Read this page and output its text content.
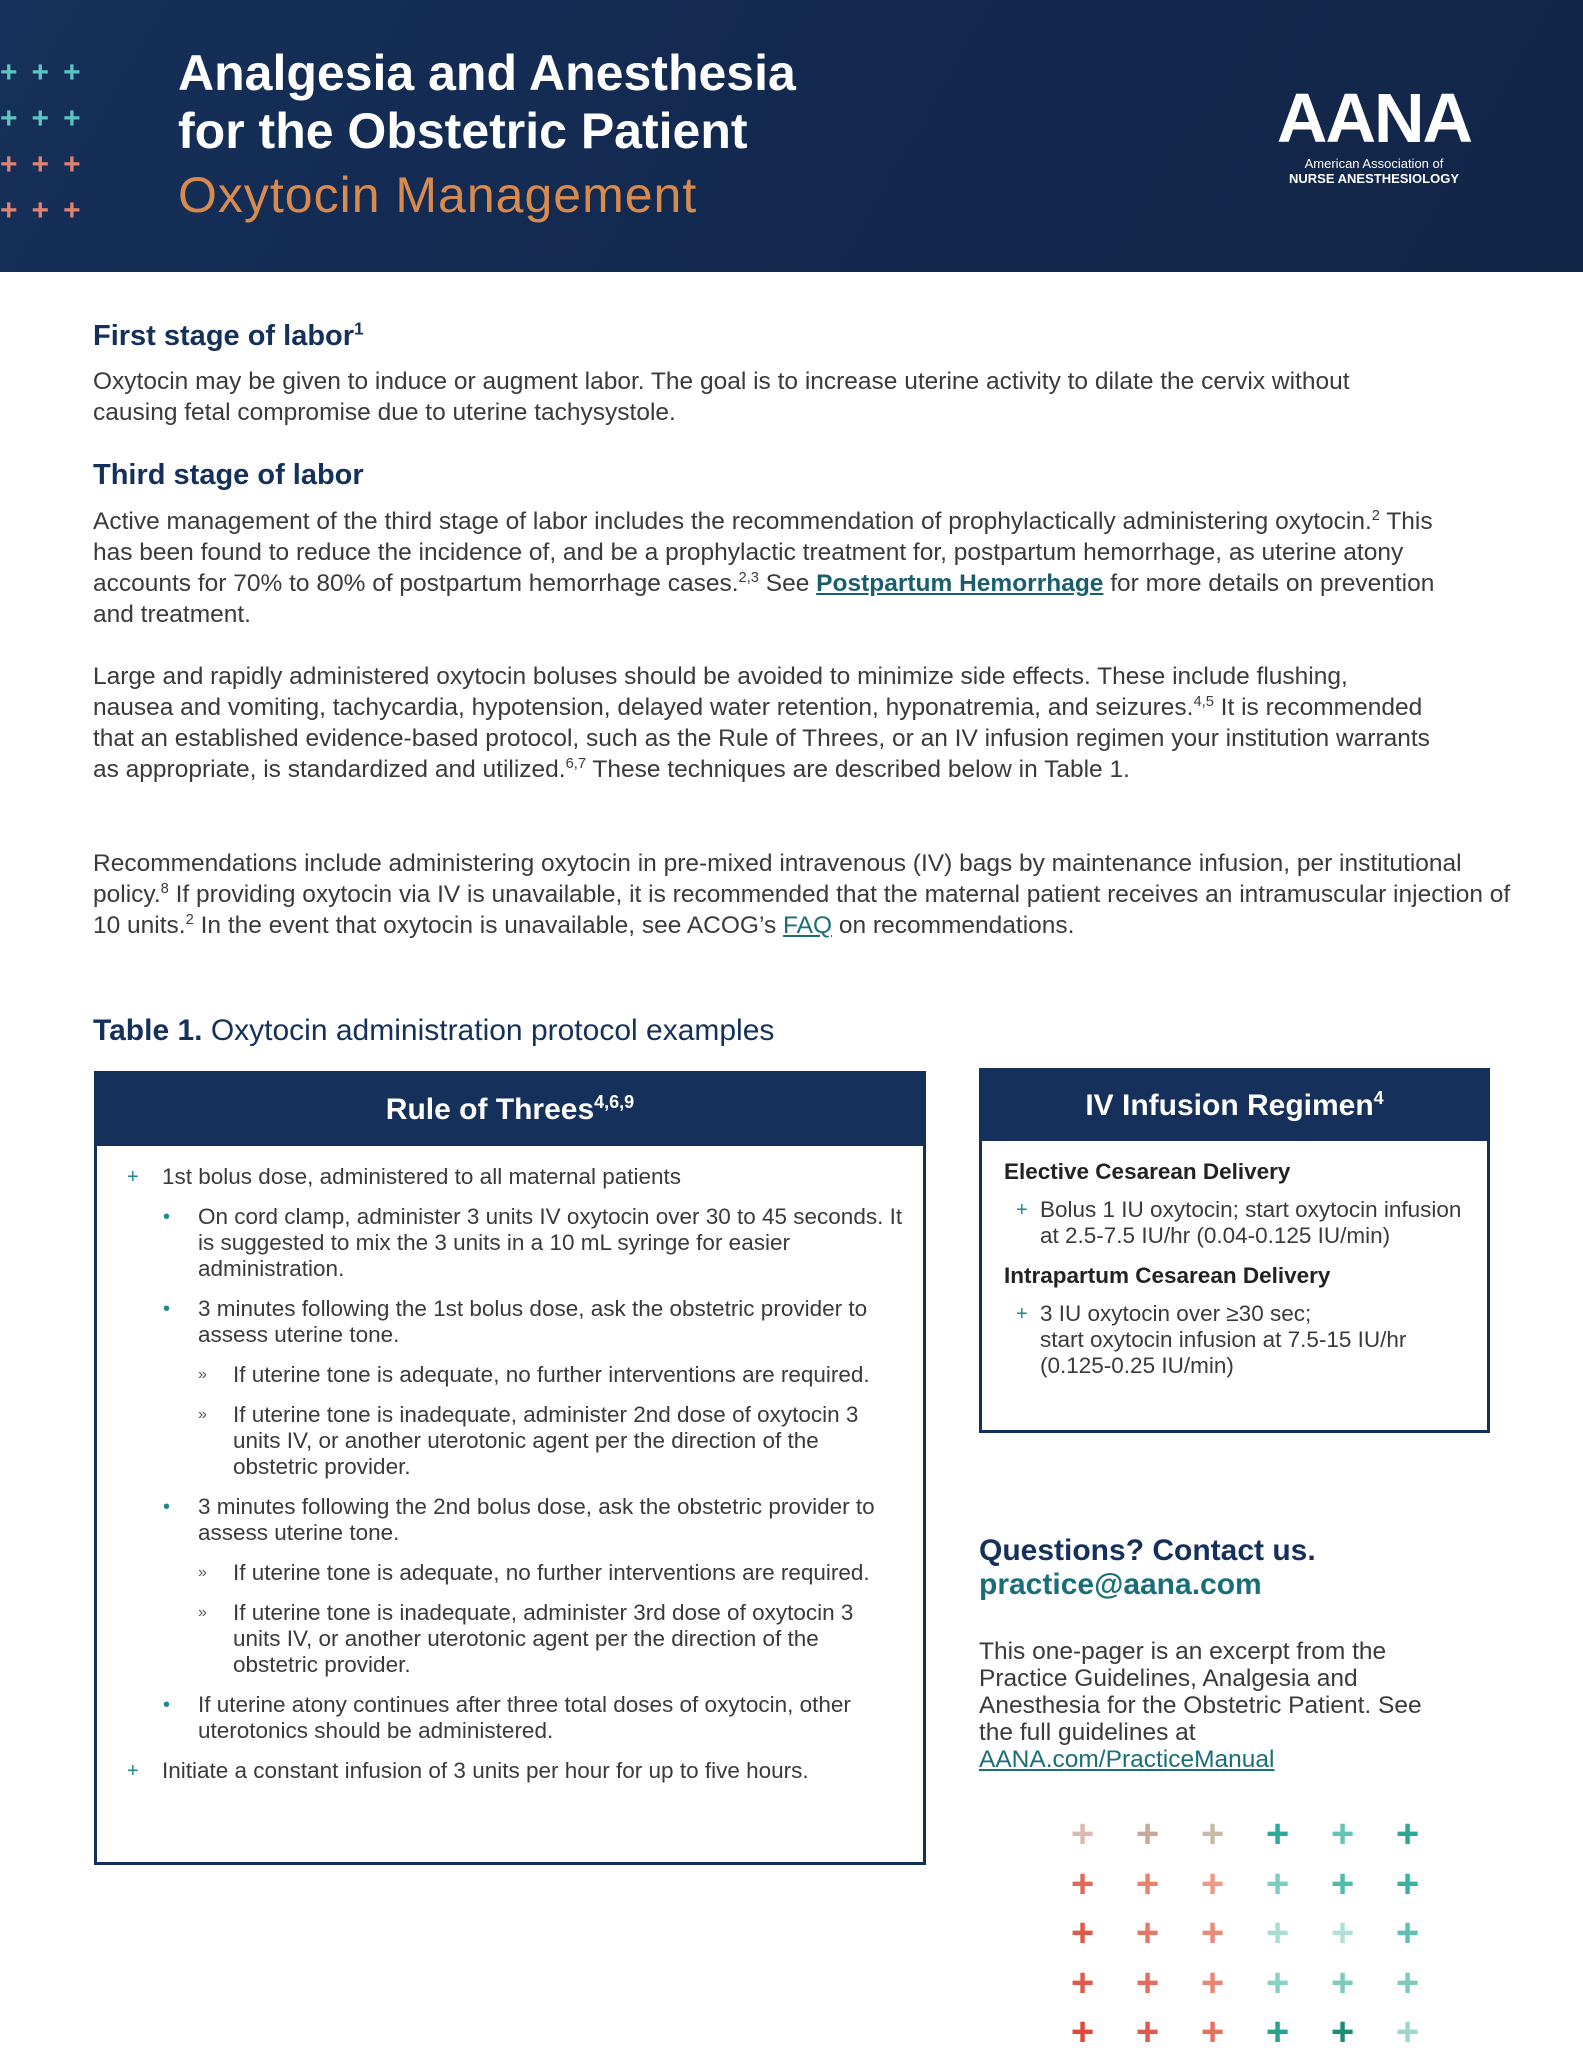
+ + +
+ + +
+ + +
+ + +
Analgesia and Anesthesia
for the Obstetric Patient
Oxytocin Management
AANA
American Association of
NURSE ANESTHESIOLOGY
First stage of labor$^1$
Oxytocin may be given to induce or augment labor. The goal is to increase uterine activity to dilate the cervix without causing fetal compromise due to uterine tachysystole.
Third stage of labor
Active management of the third stage of labor includes the recommendation of prophylactically administering oxytocin.$^2$ This has been found to reduce the incidence of, and be a prophylactic treatment for, postpartum hemorrhage, as uterine atony accounts for 70% to 80% of postpartum hemorrhage cases.$^{2,3}$ See Postpartum Hemorrhage for more details on prevention and treatment.
Large and rapidly administered oxytocin boluses should be avoided to minimize side effects. These include flushing, nausea and vomiting, tachycardia, hypotension, delayed water retention, hyponatremia, and seizures.$^{4,5}$ It is recommended that an established evidence-based protocol, such as the Rule of Threes, or an IV infusion regimen your institution warrants as appropriate, is standardized and utilized.$^{6,7}$ These techniques are described below in Table 1.
Recommendations include administering oxytocin in pre-mixed intravenous (IV) bags by maintenance infusion, per institutional policy.$^8$ If providing oxytocin via IV is unavailable, it is recommended that the maternal patient receives an intramuscular injection of 10 units.$^2$ In the event that oxytocin is unavailable, see ACOG’s FAQ on recommendations.
Table 1. Oxytocin administration protocol examples
Rule of Threes$^{4,6,9}$
+	1st bolus dose, administered to all maternal patients
•	On cord clamp, administer 3 units IV oxytocin over 30 to 45 seconds. It is suggested to mix the 3 units in a 10 mL syringe for easier administration.
•	3 minutes following the 1st bolus dose, ask the obstetric provider to assess uterine tone.
»	If uterine tone is adequate, no further interventions are required.
»	If uterine tone is inadequate, administer 2nd dose of oxytocin 3 units IV, or another uterotonic agent per the direction of the obstetric provider.
•	3 minutes following the 2nd bolus dose, ask the obstetric provider to assess uterine tone.
»	If uterine tone is adequate, no further interventions are required.
»	If uterine tone is inadequate, administer 3rd dose of oxytocin 3 units IV, or another uterotonic agent per the direction of the obstetric provider.
•	If uterine atony continues after three total doses of oxytocin, other uterotonics should be administered.
+	Initiate a constant infusion of 3 units per hour for up to five hours.
IV Infusion Regimen$^4$
Elective Cesarean Delivery
+ Bolus 1 IU oxytocin; start oxytocin infusion at 2.5-7.5 IU/hr (0.04-0.125 IU/min)
Intrapartum Cesarean Delivery
+ 3 IU oxytocin over ≥30 sec;
start oxytocin infusion at 7.5-15 IU/hr (0.125-0.25 IU/min)
Questions? Contact us.
practice@aana.com
This one-pager is an excerpt from the Practice Guidelines, Analgesia and Anesthesia for the Obstetric Patient. See the full guidelines at AANA.com/PracticeManual
+	+	+	+	+	+
+	+	+	+	+	+
+	+	+	+	+	+
+	+	+	+	+	+
+	+	+	+	+	+
